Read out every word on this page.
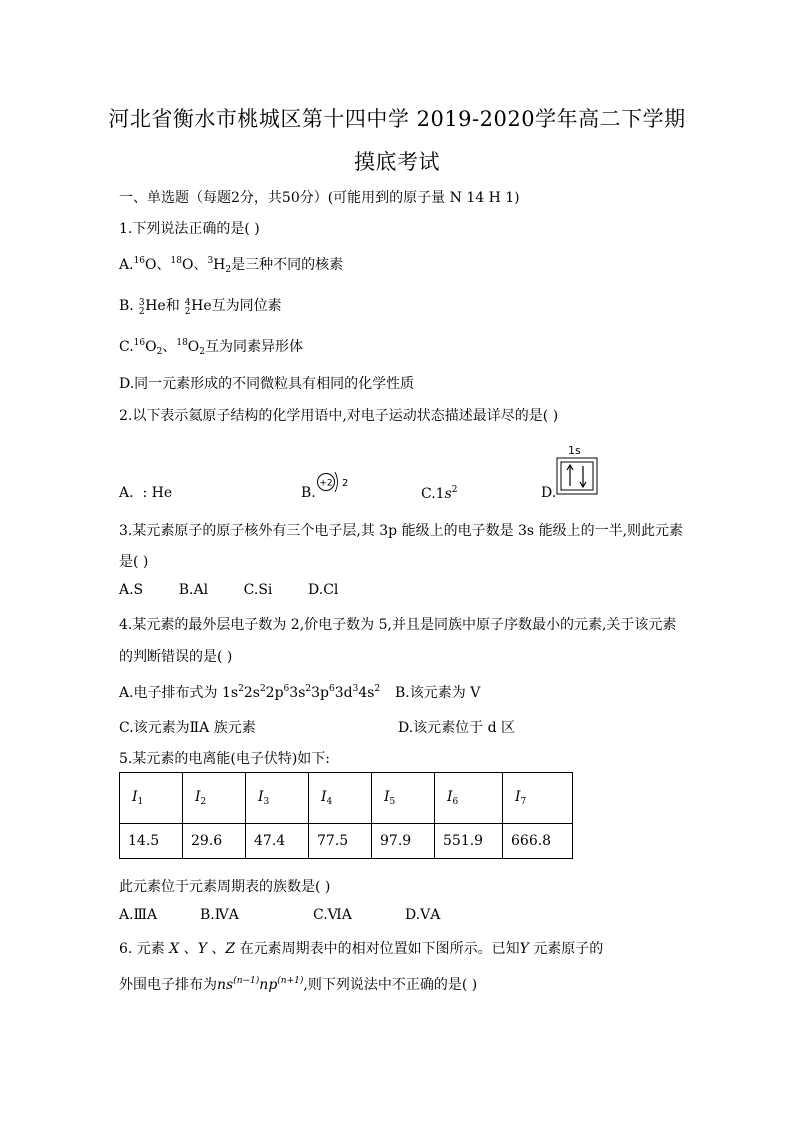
河北省衡水市桃城区第十四中学 2019-2020学年高二下学期
摸底考试
一、单选题（每题2分，共50分）(可能用到的原子量 N 14 H 1)
1.下列说法正确的是( )
A.$^{16}$O、$^{18}$O、$^3H_2$是三种不同的核素
B. 3
2 He和 4
2 He互为同位素
$C.^{16}O_2$、$^{18}O_2$互为同素异形体
D.同一元素形成的不同微粒具有相同的化学性质
2.以下表示氦原子结构的化学用语中,对电子运动状态描述最详尽的是( )
A. : He	B.
+2 2
$C.1s^2$	D.
1s
3.某元素原子的原子核外有三个电子层,其 3p 能级上的电子数是 3s 能级上的一半,则此元素
是( )
A.S        B.Al        C.Si        D.Cl
4.某元素的最外层电子数为 2,价电子数为 5,并且是同族中原子序数最小的元素,关于该元素
的判断错误的是( )
A.电子排布式为 $1s^22s^22p^63s^23p^63d^34s^2$ B.该元素为 V
C.该元素为ⅡA 族元素	D.该元素位于 d 区
5.某元素的电离能(电子伏特)如下:
$I_1$	$I_2$	$I_3$	$I_4$	$I_5$	$I_6$	$I_7$
14.5	29.6	47.4	77.5	97.9	551.9	666.8
此元素位于元素周期表的族数是( )
A.ⅢA	B.ⅣA	C.ⅥA	D.ⅤA
6. 元素 X 、Y 、Z 在元素周期表中的相对位置如下图所示。已知Y 元素原子的
外围电子排布为$ns^{(n-1)}np^{(n+1)}$,则下列说法中不正确的是( )
